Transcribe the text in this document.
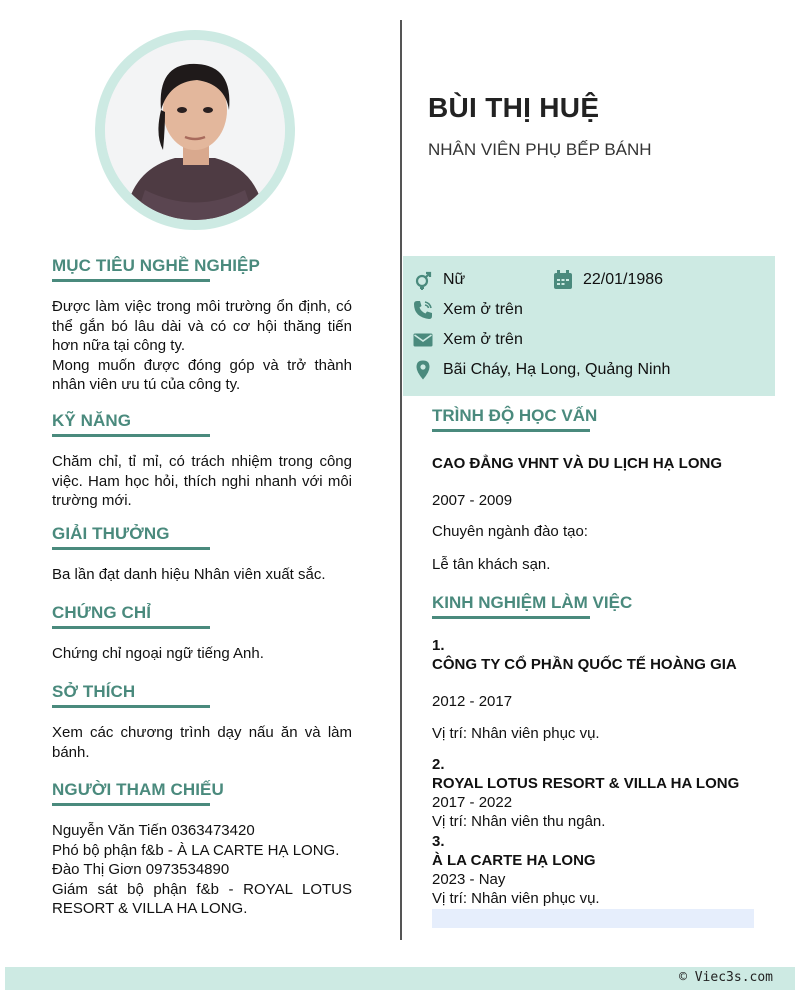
MỤC TIÊU NGHỀ NGHIỆP
Được làm việc trong môi trường ổn định, có thể gắn bó lâu dài và có cơ hội thăng tiến hơn nữa tại công ty.
Mong muốn được đóng góp và trở thành nhân viên ưu tú của công ty.
KỸ NĂNG
Chăm chỉ, tỉ mỉ, có trách nhiệm trong công việc. Ham học hỏi, thích nghi nhanh với môi trường mới.
GIẢI THƯỞNG
Ba lần đạt danh hiệu Nhân viên xuất sắc.
CHỨNG CHỈ
Chứng chỉ ngoại ngữ tiếng Anh.
SỞ THÍCH
Xem các chương trình dạy nấu ăn và làm bánh.
NGƯỜI THAM CHIẾU
Nguyễn Văn Tiến 0363473420
Phó bộ phận f&b - À LA CARTE HẠ LONG.
Đào Thị Giơn 0973534890
Giám sát bộ phận f&b - ROYAL LOTUS RESORT & VILLA HA LONG.
BÙI THỊ HUỆ
NHÂN VIÊN PHỤ BẾP BÁNH
Nữ	22/01/1986
Xem ở trên
Xem ở trên
Bãi Cháy, Hạ Long, Quảng Ninh
TRÌNH ĐỘ HỌC VẤN
CAO ĐẲNG VHNT VÀ DU LỊCH HẠ LONG
2007 - 2009
Chuyên ngành đào tạo:
Lễ tân khách sạn.
KINH NGHIỆM LÀM VIỆC
1.
CÔNG TY CỔ PHẦN QUỐC TẾ HOÀNG GIA
2012 - 2017
Vị trí: Nhân viên phục vụ.
2.
ROYAL LOTUS RESORT & VILLA HA LONG
2017 - 2022
Vị trí: Nhân viên thu ngân.
3.
À LA CARTE HẠ LONG
2023 - Nay
Vị trí: Nhân viên phục vụ.
© Viec3s.com
